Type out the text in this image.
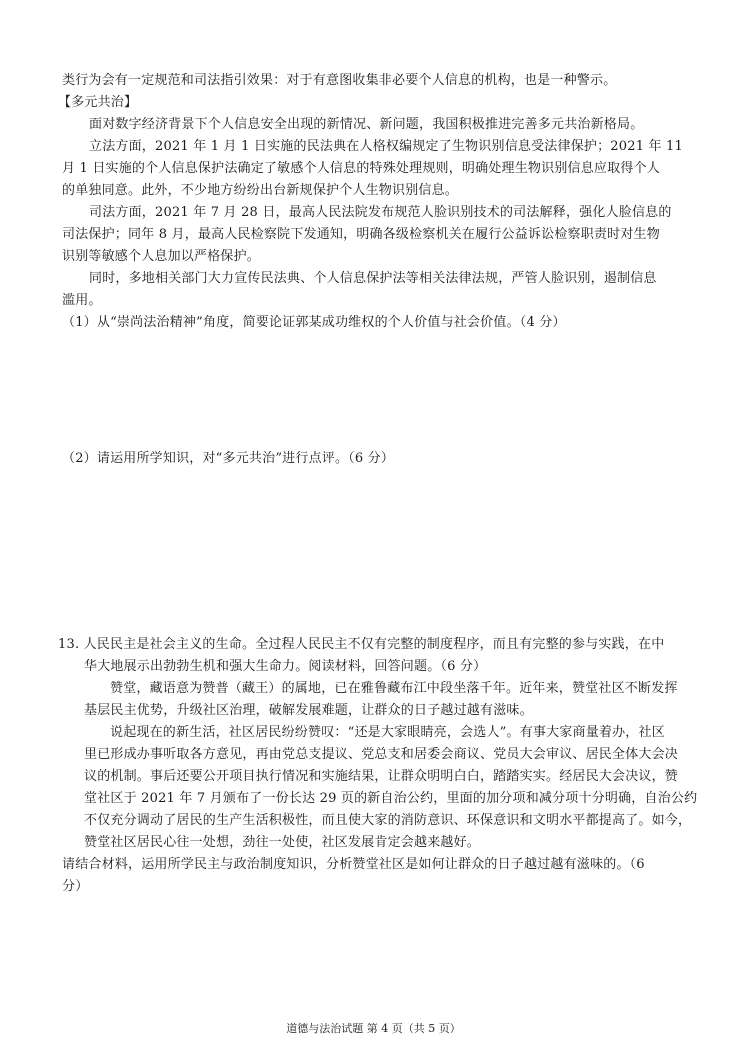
类行为会有一定规范和司法指引效果：对于有意图收集非必要个人信息的机构，也是一种警示。
【多元共治】
面对数字经济背景下个人信息安全出现的新情况、新问题，我国积极推进完善多元共治新格局。
立法方面，2021 年 1 月 1 日实施的民法典在人格权编规定了生物识别信息受法律保护；2021 年 11
月 1 日实施的个人信息保护法确定了敏感个人信息的特殊处理规则，明确处理生物识别信息应取得个人
的单独同意。此外，不少地方纷纷出台新规保护个人生物识别信息。
司法方面，2021 年 7 月 28 日，最高人民法院发布规范人脸识别技术的司法解释，强化人脸信息的
司法保护；同年 8 月，最高人民检察院下发通知，明确各级检察机关在履行公益诉讼检察职责时对生物
识别等敏感个人息加以严格保护。
同时，多地相关部门大力宣传民法典、个人信息保护法等相关法律法规，严管人脸识别，遏制信息
滥用。
（1）从“崇尚法治精神”角度，简要论证郭某成功维权的个人价值与社会价值。（4 分）
（2）请运用所学知识，对“多元共治”进行点评。（6 分）
13. 人民民主是社会主义的生命。全过程人民民主不仅有完整的制度程序，而且有完整的参与实践，在中
华大地展示出勃勃生机和强大生命力。阅读材料，回答问题。（6 分）
赞堂，藏语意为赞普（藏王）的属地，已在雅鲁藏布江中段坐落千年。近年来，赞堂社区不断发挥
基层民主优势，升级社区治理，破解发展难题，让群众的日子越过越有滋味。
说起现在的新生活，社区居民纷纷赞叹：“还是大家眼睛亮，会选人”。有事大家商量着办，社区
里已形成办事听取各方意见，再由党总支提议、党总支和居委会商议、党员大会审议、居民全体大会决
议的机制。事后还要公开项目执行情况和实施结果，让群众明明白白，踏踏实实。经居民大会决议，赞
堂社区于 2021 年 7 月颁布了一份长达 29 页的新自治公约，里面的加分项和减分项十分明确，自治公约
不仅充分调动了居民的生产生活积极性，而且使大家的消防意识、环保意识和文明水平都提高了。如今，
赞堂社区居民心往一处想，劲往一处使，社区发展肯定会越来越好。
请结合材料，运用所学民主与政治制度知识，分析赞堂社区是如何让群众的日子越过越有滋味的。（6
分）
道德与法治试题 第 4 页（共 5 页）
